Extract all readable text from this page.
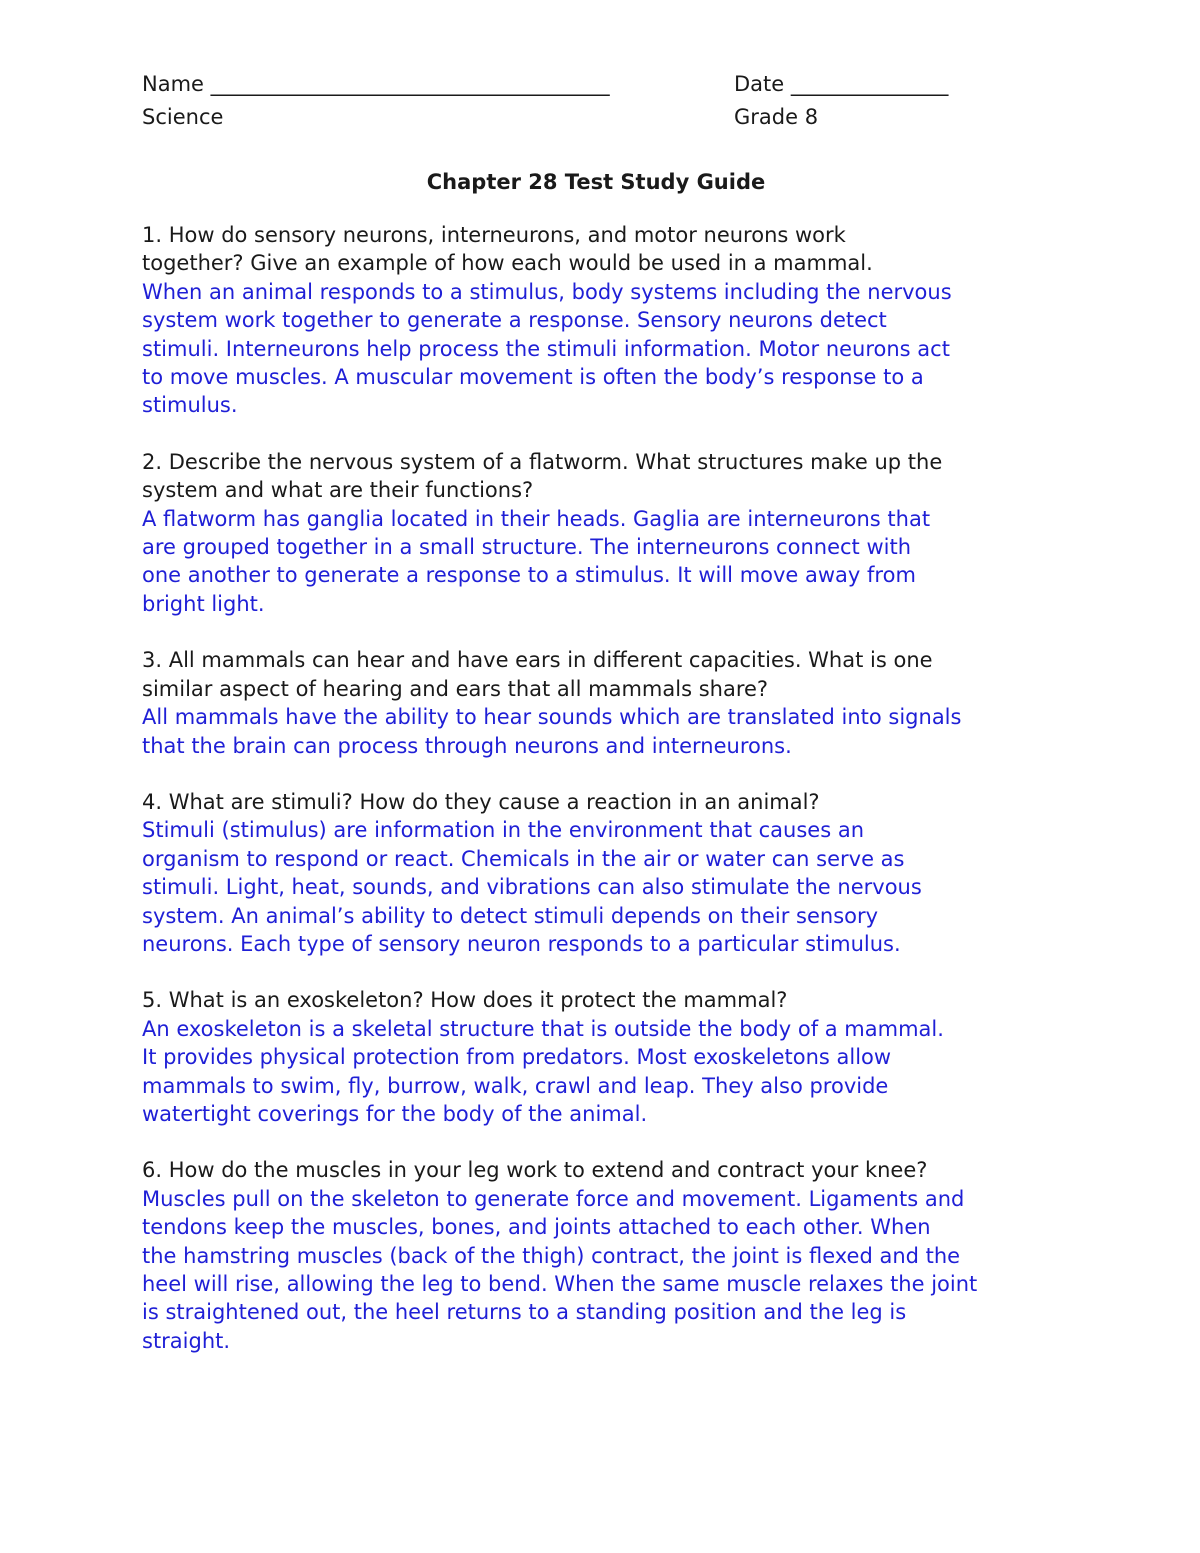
Name ______________________________________	Date _______________
Science	Grade 8
Chapter 28 Test Study Guide

1. How do sensory neurons, interneurons, and motor neurons work

together? Give an example of how each would be used in a mammal.

When an animal responds to a stimulus, body systems including the nervous

system work together to generate a response. Sensory neurons detect

stimuli. Interneurons help process the stimuli information. Motor neurons act

to move muscles. A muscular movement is often the body’s response to a

stimulus.

2. Describe the nervous system of a flatworm. What structures make up the

system and what are their functions?

A flatworm has ganglia located in their heads. Gaglia are interneurons that

are grouped together in a small structure. The interneurons connect with

one another to generate a response to a stimulus. It will move away from

bright light.

3. All mammals can hear and have ears in different capacities. What is one

similar aspect of hearing and ears that all mammals share?

All mammals have the ability to hear sounds which are translated into signals

that the brain can process through neurons and interneurons.

4. What are stimuli? How do they cause a reaction in an animal?

Stimuli (stimulus) are information in the environment that causes an

organism to respond or react. Chemicals in the air or water can serve as

stimuli. Light, heat, sounds, and vibrations can also stimulate the nervous

system. An animal’s ability to detect stimuli depends on their sensory

neurons. Each type of sensory neuron responds to a particular stimulus.

5. What is an exoskeleton? How does it protect the mammal?

An exoskeleton is a skeletal structure that is outside the body of a mammal.

It provides physical protection from predators. Most exoskeletons allow

mammals to swim, fly, burrow, walk, crawl and leap. They also provide

watertight coverings for the body of the animal.

6. How do the muscles in your leg work to extend and contract your knee?

Muscles pull on the skeleton to generate force and movement. Ligaments and

tendons keep the muscles, bones, and joints attached to each other. When

the hamstring muscles (back of the thigh) contract, the joint is flexed and the

heel will rise, allowing the leg to bend. When the same muscle relaxes the joint

is straightened out, the heel returns to a standing position and the leg is

straight.
